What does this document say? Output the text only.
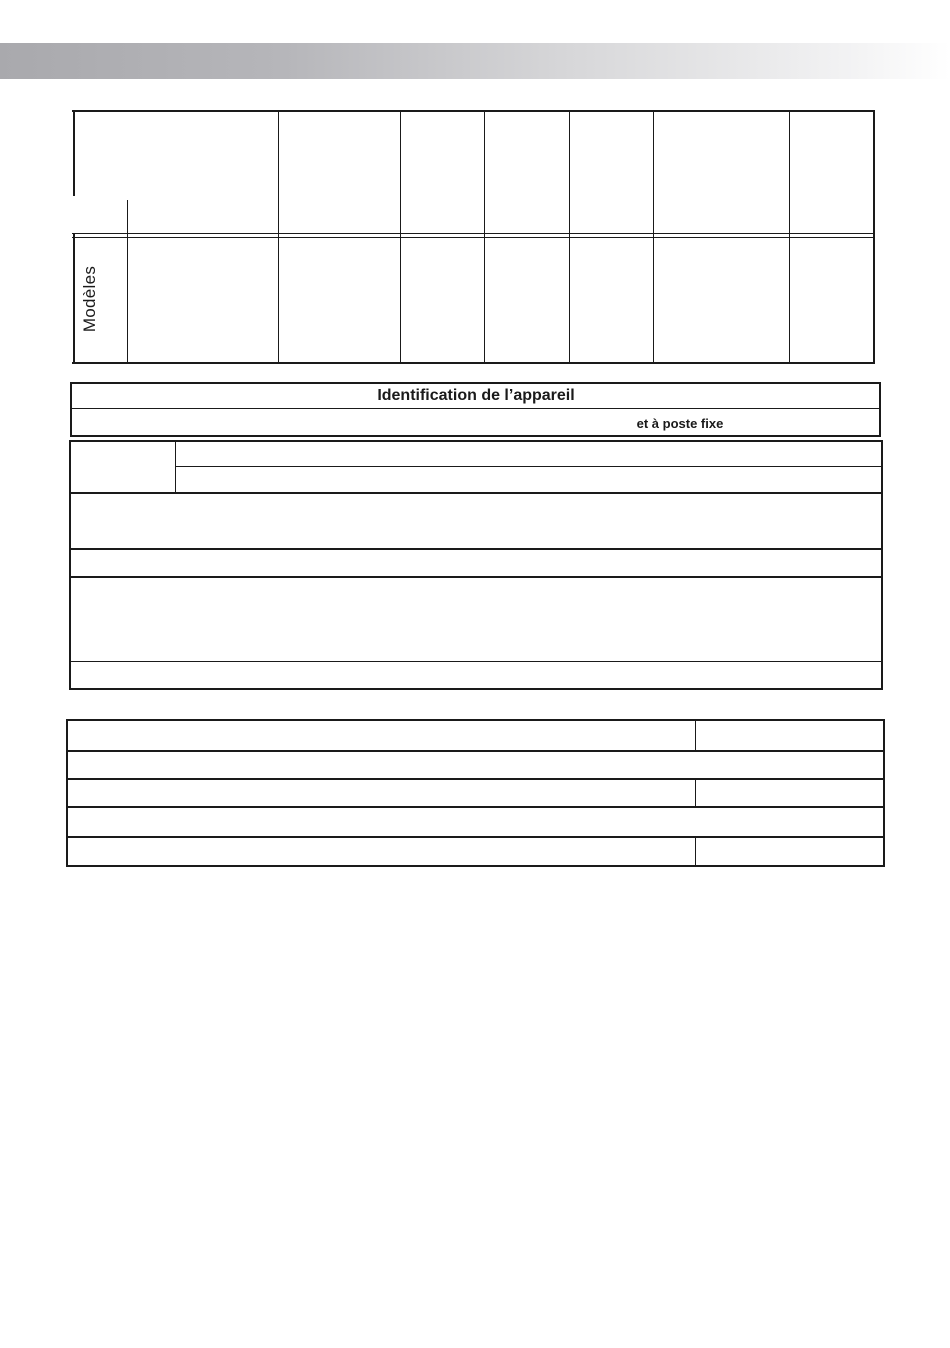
Modèles
Identification de l’appareil
et à poste fixe
